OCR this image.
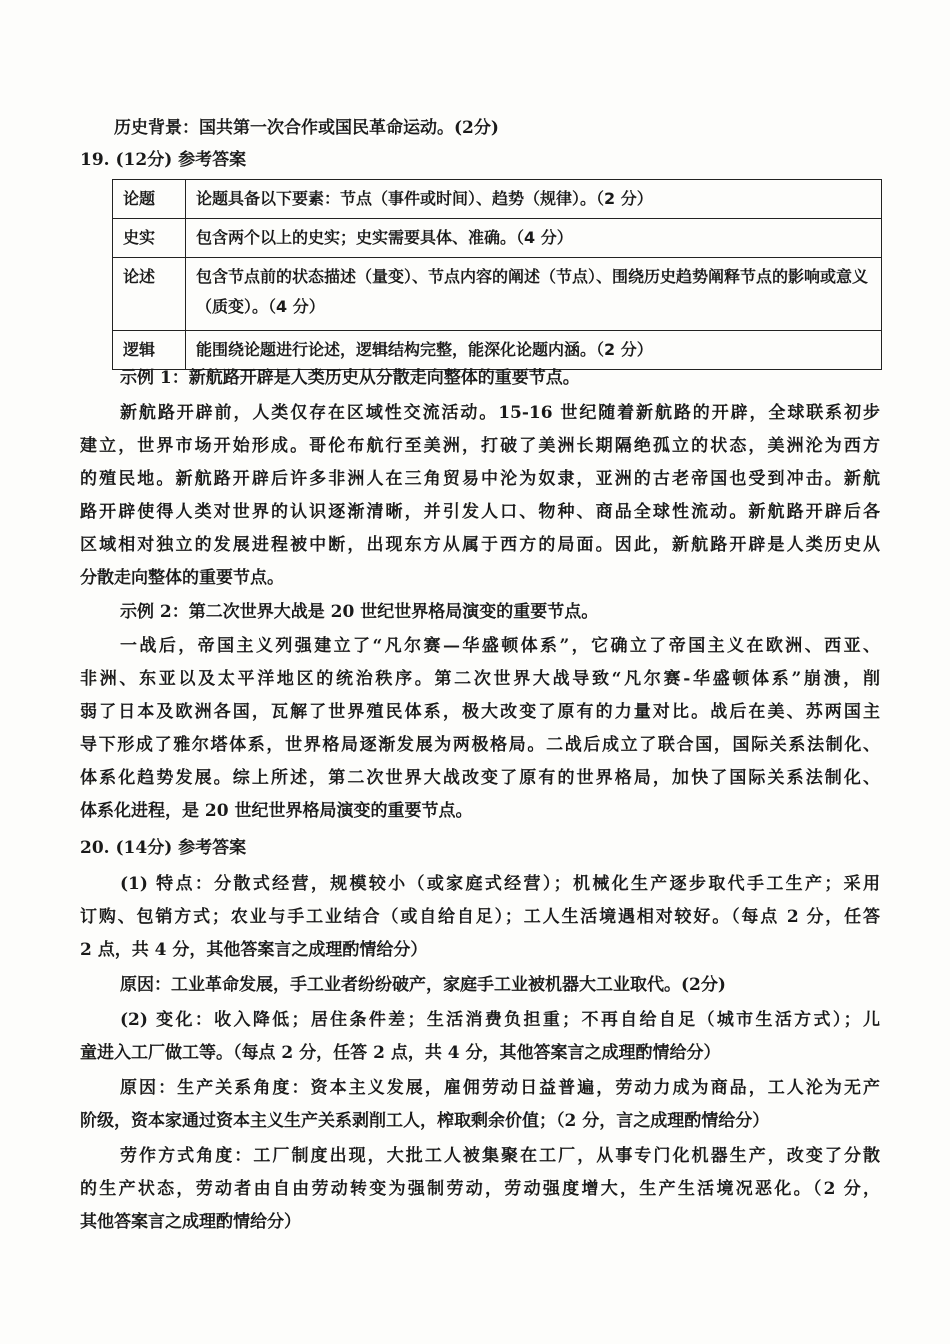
历史背景：国共第一次合作或国民革命运动。(2分)
19. (12分) 参考答案
论题	论题具备以下要素：节点（事件或时间）、趋势（规律）。（2 分）
史实	包含两个以上的史实；史实需要具体、准确。（4 分）
论述	包含节点前的状态描述（量变）、节点内容的阐述（节点）、围绕历史趋势阐释节点的影响或意义（质变）。（4 分）
逻辑	能围绕论题进行论述，逻辑结构完整，能深化论题内涵。（2 分）
示例 1：新航路开辟是人类历史从分散走向整体的重要节点。
新航路开辟前，人类仅存在区域性交流活动。15-16 世纪随着新航路的开辟，全球联系初步
建立，世界市场开始形成。哥伦布航行至美洲，打破了美洲长期隔绝孤立的状态，美洲沦为西方
的殖民地。新航路开辟后许多非洲人在三角贸易中沦为奴隶，亚洲的古老帝国也受到冲击。新航
路开辟使得人类对世界的认识逐渐清晰，并引发人口、物种、商品全球性流动。新航路开辟后各
区域相对独立的发展进程被中断，出现东方从属于西方的局面。因此，新航路开辟是人类历史从
分散走向整体的重要节点。
示例 2：第二次世界大战是 20 世纪世界格局演变的重要节点。
一战后，帝国主义列强建立了“凡尔赛—华盛顿体系”，它确立了帝国主义在欧洲、西亚、
非洲、东亚以及太平洋地区的统治秩序。第二次世界大战导致“凡尔赛-华盛顿体系”崩溃，削
弱了日本及欧洲各国，瓦解了世界殖民体系，极大改变了原有的力量对比。战后在美、苏两国主
导下形成了雅尔塔体系，世界格局逐渐发展为两极格局。二战后成立了联合国，国际关系法制化、
体系化趋势发展。综上所述，第二次世界大战改变了原有的世界格局，加快了国际关系法制化、
体系化进程，是 20 世纪世界格局演变的重要节点。
20. (14分) 参考答案
(1) 特点：分散式经营，规模较小（或家庭式经营）；机械化生产逐步取代手工生产；采用
订购、包销方式；农业与手工业结合（或自给自足）；工人生活境遇相对较好。（每点 2 分，任答
2 点，共 4 分，其他答案言之成理酌情给分）
原因：工业革命发展，手工业者纷纷破产，家庭手工业被机器大工业取代。(2分)
(2) 变化：收入降低；居住条件差；生活消费负担重；不再自给自足（城市生活方式）；儿
童进入工厂做工等。（每点 2 分，任答 2 点，共 4 分，其他答案言之成理酌情给分）
原因：生产关系角度：资本主义发展，雇佣劳动日益普遍，劳动力成为商品，工人沦为无产
阶级，资本家通过资本主义生产关系剥削工人，榨取剩余价值；（2 分，言之成理酌情给分）
劳作方式角度：工厂制度出现，大批工人被集聚在工厂，从事专门化机器生产，改变了分散
的生产状态，劳动者由自由劳动转变为强制劳动，劳动强度增大，生产生活境况恶化。（2 分，
其他答案言之成理酌情给分）
